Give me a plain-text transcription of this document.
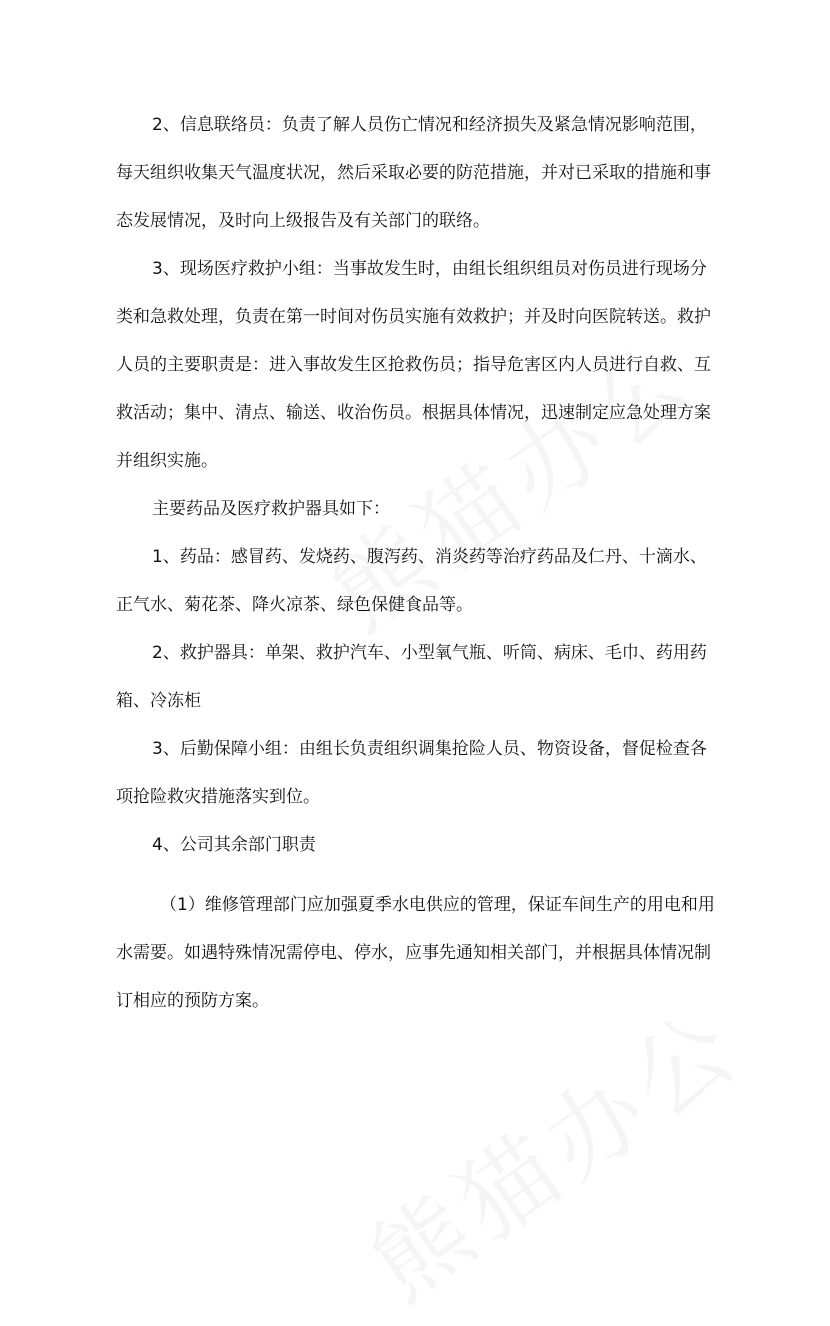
2、信息联络员：负责了解人员伤亡情况和经济损失及紧急情况影响范围，
每天组织收集天气温度状况，然后采取必要的防范措施，并对已采取的措施和事
态发展情况，及时向上级报告及有关部门的联络。
3、现场医疗救护小组：当事故发生时，由组长组织组员对伤员进行现场分
类和急救处理，负责在第一时间对伤员实施有效救护；并及时向医院转送。救护
人员的主要职责是：进入事故发生区抢救伤员；指导危害区内人员进行自救、互
救活动；集中、清点、输送、收治伤员。根据具体情况，迅速制定应急处理方案
并组织实施。
主要药品及医疗救护器具如下：
1、药品：感冒药、发烧药、腹泻药、消炎药等治疗药品及仁丹、十滴水、
正气水、菊花茶、降火凉茶、绿色保健食品等。
2、救护器具：单架、救护汽车、小型氧气瓶、听筒、病床、毛巾、药用药
箱、冷冻柜
3、后勤保障小组：由组长负责组织调集抢险人员、物资设备，督促检查各
项抢险救灾措施落实到位。
4、公司其余部门职责
（1）维修管理部门应加强夏季水电供应的管理，保证车间生产的用电和用
水需要。如遇特殊情况需停电、停水，应事先通知相关部门，并根据具体情况制
订相应的预防方案。
